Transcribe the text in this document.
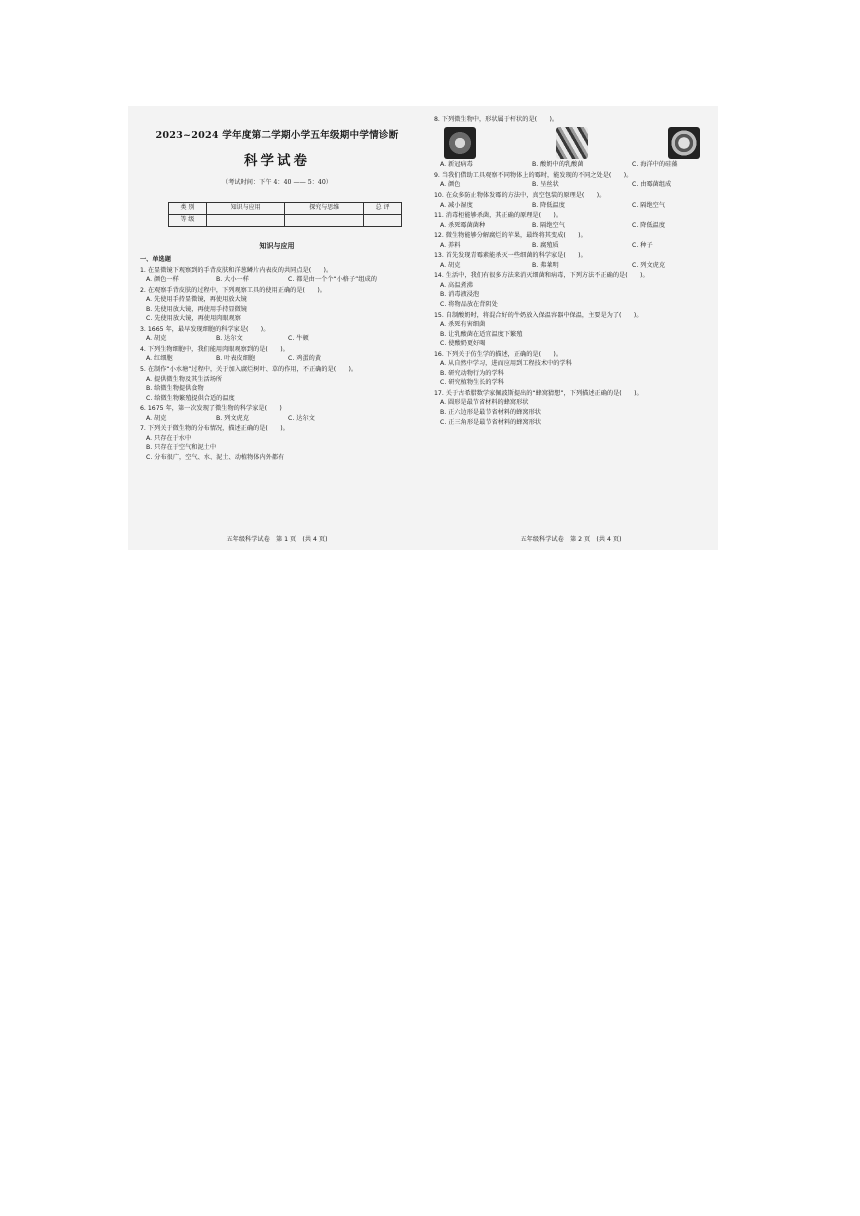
2023~2024 学年度第二学期小学五年级期中学情诊断
科学试卷
（考试时间：下午 4：40 —— 5：40）
类 别	知识与应用	探究与思维	总 评
等 级			
知识与应用
一、单选题
1. 在显微镜下观察到的手背皮肤和洋葱鳞片内表皮的共同点是(　　)。
A. 颜色一样	B. 大小一样	C. 都是由一个个“小格子”组成的
2. 在观察手背皮肤的过程中，下列观察工具的使用正确的是(　　)。
A. 先使用手持显微镜，再使用放大镜
B. 先使用放大镜，再使用手持显微镜
C. 先使用放大镜，再使用肉眼观察
3. 1665 年，最早发现细胞的科学家是(　　)。
A. 胡克	B. 达尔文	C. 牛顿
4. 下列生物细胞中，我们能用肉眼观察到的是(　　)。
A. 红细胞	B. 叶表皮细胞	C. 鸡蛋的黄
5. 在制作“小水塘”过程中，关于加入腐烂树叶、草的作用，不正确的是(　　)。
A. 提供微生物及其生活场所
B. 给微生物提供食物
C. 给微生物繁殖提供合适的温度
6. 1675 年，第一次发现了微生物的科学家是(　　)
A. 胡克	B. 列文虎克	C. 达尔文
7. 下列关于微生物的分布情况，描述正确的是(　　)。
A. 只存在于水中
B. 只存在于空气和泥土中
C. 分布很广，空气、水、泥土、动植物体内外都有
五年级科学试卷　第 1 页　(共 4 页)
8. 下列微生物中，形状属于杆状的是(　　)。
A. 新冠病毒	B. 酸奶中的乳酸菌	C. 海洋中的硅藻
9. 当我们借助工具观察不同物体上的霉时，能发现的不同之处是(　　)。
A. 颜色	B. 呈丝状	C. 由霉菌组成
10. 在众多防止物体发霉的方法中，真空包装的原理是(　　)。
A. 减小湿度	B. 降低温度	C. 隔绝空气
11. 消毒柜能够杀菌，其正确的原理是(　　)。
A. 杀死霉菌菌种	B. 隔绝空气	C. 降低温度
12. 微生物能够分解腐烂的苹果，最终将其变成(　　)。
A. 养料	B. 腐殖质	C. 种子
13. 首先发现青霉素能杀灭一些细菌的科学家是(　　)。
A. 胡克	B. 弗莱明	C. 列文虎克
14. 生活中，我们有很多方法来消灭细菌和病毒，下列方法不正确的是(　　)。
A. 高温煮沸
B. 消毒液浸泡
C. 将物品放在背阴处
15. 自制酸奶时，将混合好的牛奶放入保温容器中保温，主要是为了(　　)。
A. 杀死有害细菌
B. 让乳酸菌在适宜温度下繁殖
C. 使酸奶更好喝
16. 下列关于仿生学的描述，正确的是(　　)。
A. 从自然中学习，进而应用到工程技术中的学科
B. 研究动物行为的学科
C. 研究植物生长的学科
17. 关于古希腊数学家佩波斯提出的“蜂窝猜想”，下列描述正确的是(　　)。
A. 圆形是最节省材料的蜂窝形状
B. 正六边形是最节省材料的蜂窝形状
C. 正三角形是最节省材料的蜂窝形状
五年级科学试卷　第 2 页　(共 4 页)
